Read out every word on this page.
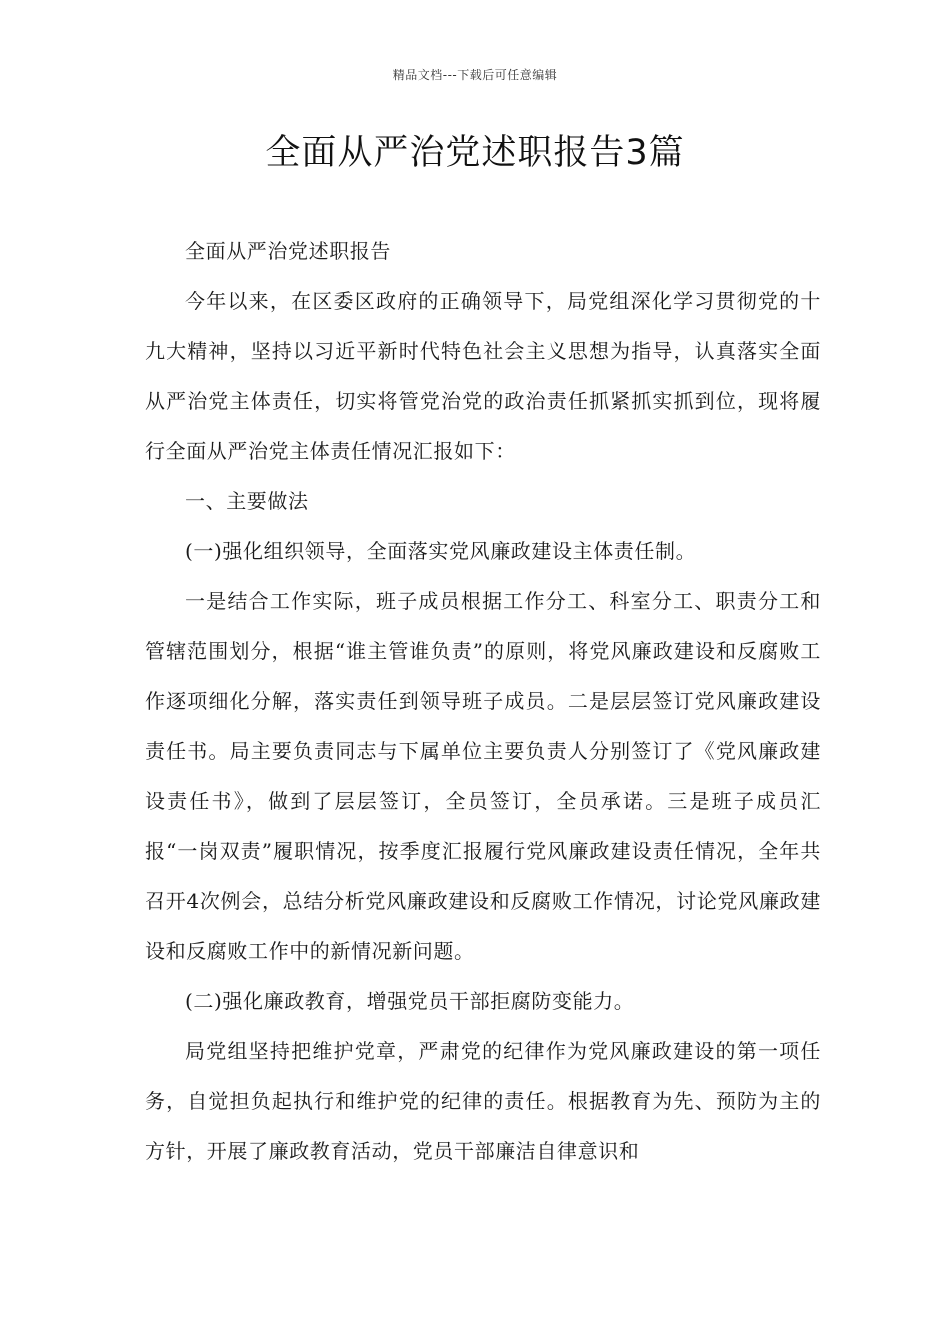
精品文档---下载后可任意编辑
全面从严治党述职报告3篇

全面从严治党述职报告

今年以来，在区委区政府的正确领导下，局党组深化学习贯彻党的十九大精神，坚持以习近平新时代特色社会主义思想为指导，认真落实全面从严治党主体责任，切实将管党治党的政治责任抓紧抓实抓到位，现将履行全面从严治党主体责任情况汇报如下：

一、主要做法

(一)强化组织领导，全面落实党风廉政建设主体责任制。

一是结合工作实际，班子成员根据工作分工、科室分工、职责分工和管辖范围划分，根据“谁主管谁负责”的原则，将党风廉政建设和反腐败工作逐项细化分解，落实责任到领导班子成员。二是层层签订党风廉政建设责任书。局主要负责同志与下属单位主要负责人分别签订了《党风廉政建设责任书》，做到了层层签订，全员签订，全员承诺。三是班子成员汇报“一岗双责”履职情况，按季度汇报履行党风廉政建设责任情况，全年共召开4次例会，总结分析党风廉政建设和反腐败工作情况，讨论党风廉政建设和反腐败工作中的新情况新问题。

(二)强化廉政教育，增强党员干部拒腐防变能力。

局党组坚持把维护党章，严肃党的纪律作为党风廉政建设的第一项任务，自觉担负起执行和维护党的纪律的责任。根据教育为先、预防为主的方针，开展了廉政教育活动，党员干部廉洁自律意识和
